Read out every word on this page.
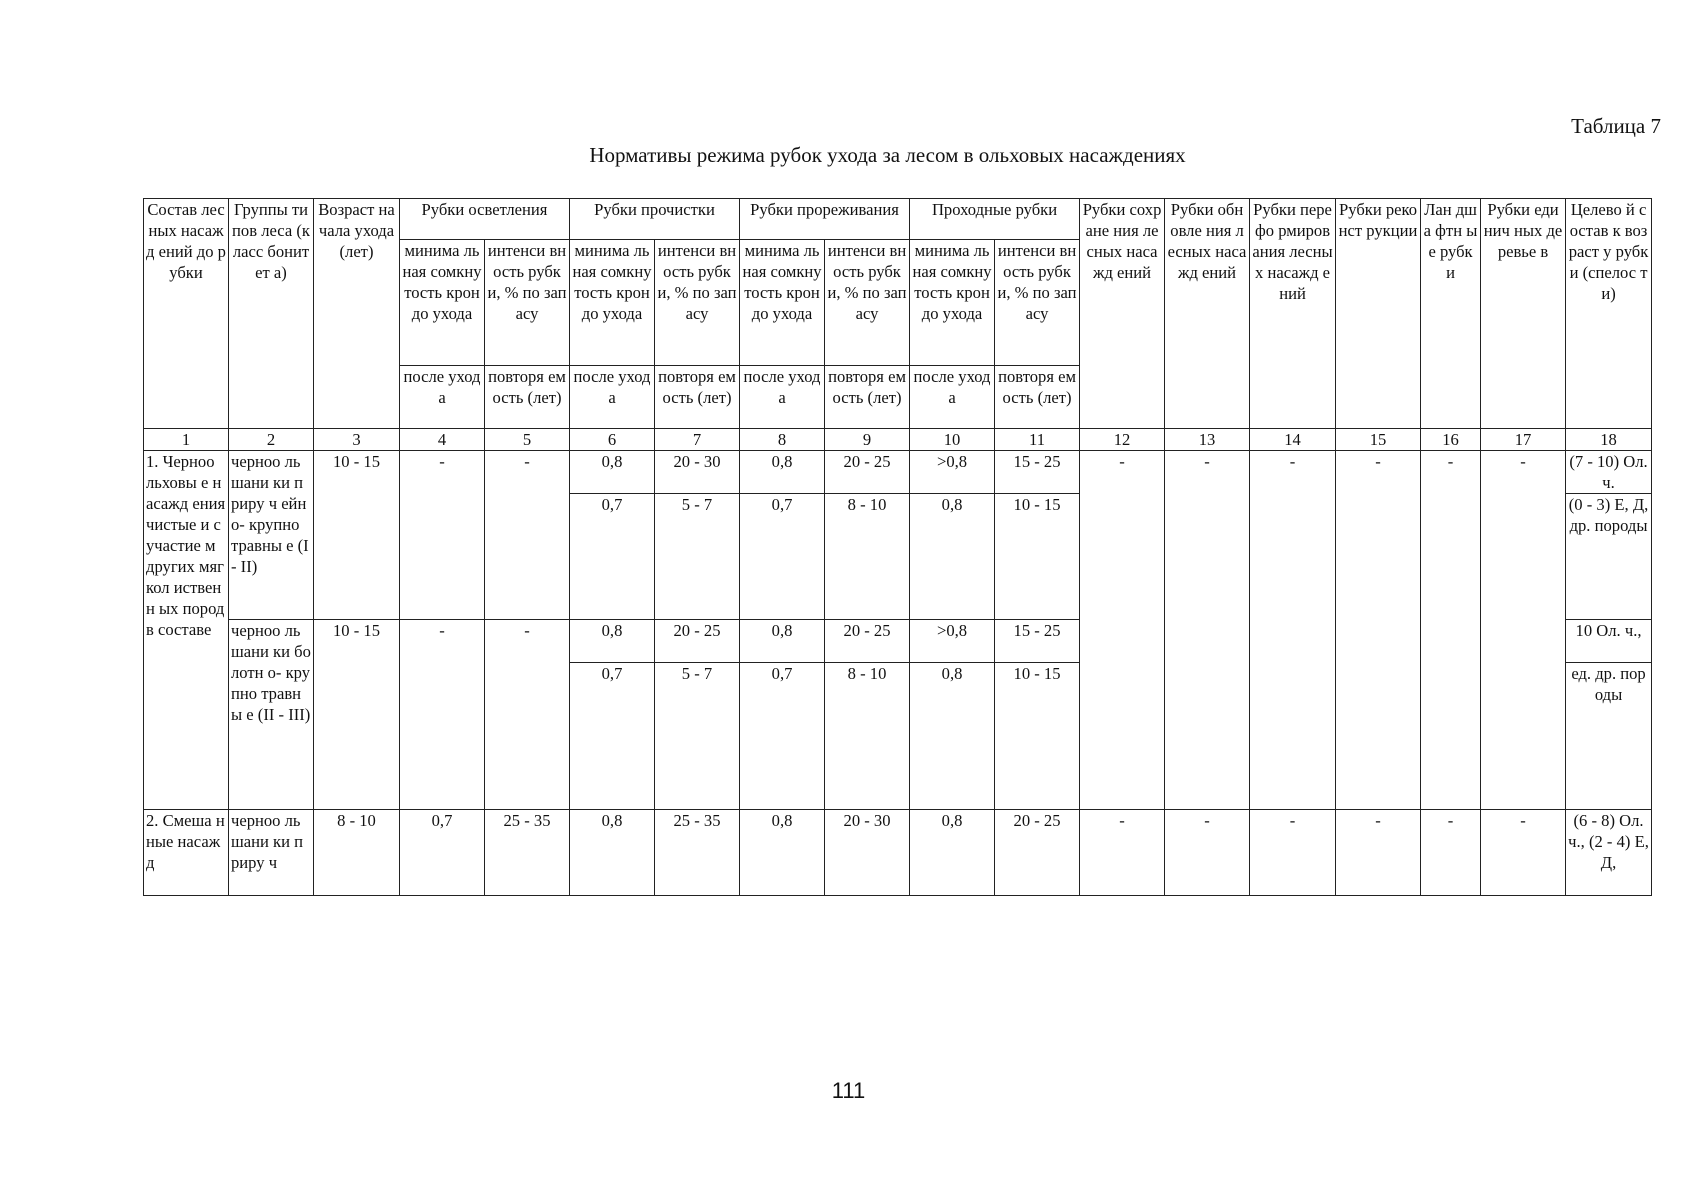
Таблица 7
Нормативы режима рубок ухода за лесом в ольховых насаждениях
Состав лесных насажд ений до рубки	Группы типов леса (класс бонитет а)	Возраст начала ухода (лет)	Рубки осветления		Рубки прочистки		Рубки прореживания		Проходные рубки		Рубки сохране ния лесных насажд ений	Рубки обновле ния лесных насажд ений	Рубки перефо рмиров ания лесных насажд ений	Рубки реконст рукции	Лан дша фтн ые рубк и	Рубки единич ных деревье в	Целево й состав к возраст у рубки (спелос ти)
			минима льная сомкну тость крон до ухода	интенси вность рубки, % по запасу	минима льная сомкну тость крон до ухода	интенси вность рубки, % по запасу	минима льная сомкну тость крон до ухода	интенси вность рубки, % по запасу	минима льная сомкну тость крон до ухода	интенси вность рубки, % по запасу							
			после ухода	повторя емость (лет)	после ухода	повторя емость (лет)	после ухода	повторя емость (лет)	после ухода	повторя емость (лет)							
1	2	3	4	5	6	7	8	9	10	11	12	13	14	15	16	17	18
1. Черноо льховы е насажд ения чистые и с участие м других мягкол иственн ых пород в составе	черноо льшани ки приру ч ейно- крупно травны е (I - II)	10 - 15	-	-	0,8	20 - 30	0,8	20 - 25	>0,8	15 - 25	-	-	-	-	-	-	(7 - 10) Ол. ч.
					0,7	5 - 7	0,7	8 - 10	0,8	10 - 15							(0 - 3) Е, Д, др. породы
	черноо льшани ки болотн о- крупно травны е (II - III)	10 - 15	-	-	0,8	20 - 25	0,8	20 - 25	>0,8	15 - 25							10 Ол. ч.,
					0,7	5 - 7	0,7	8 - 10	0,8	10 - 15							ед. др. породы
2. Смеша нные насажд	черноо льшани ки приру ч	8 - 10	0,7	25 - 35	0,8	25 - 35	0,8	20 - 30	0,8	20 - 25	-	-	-	-	-	-	(6 - 8) Ол. ч., (2 - 4) Е, Д,
111
